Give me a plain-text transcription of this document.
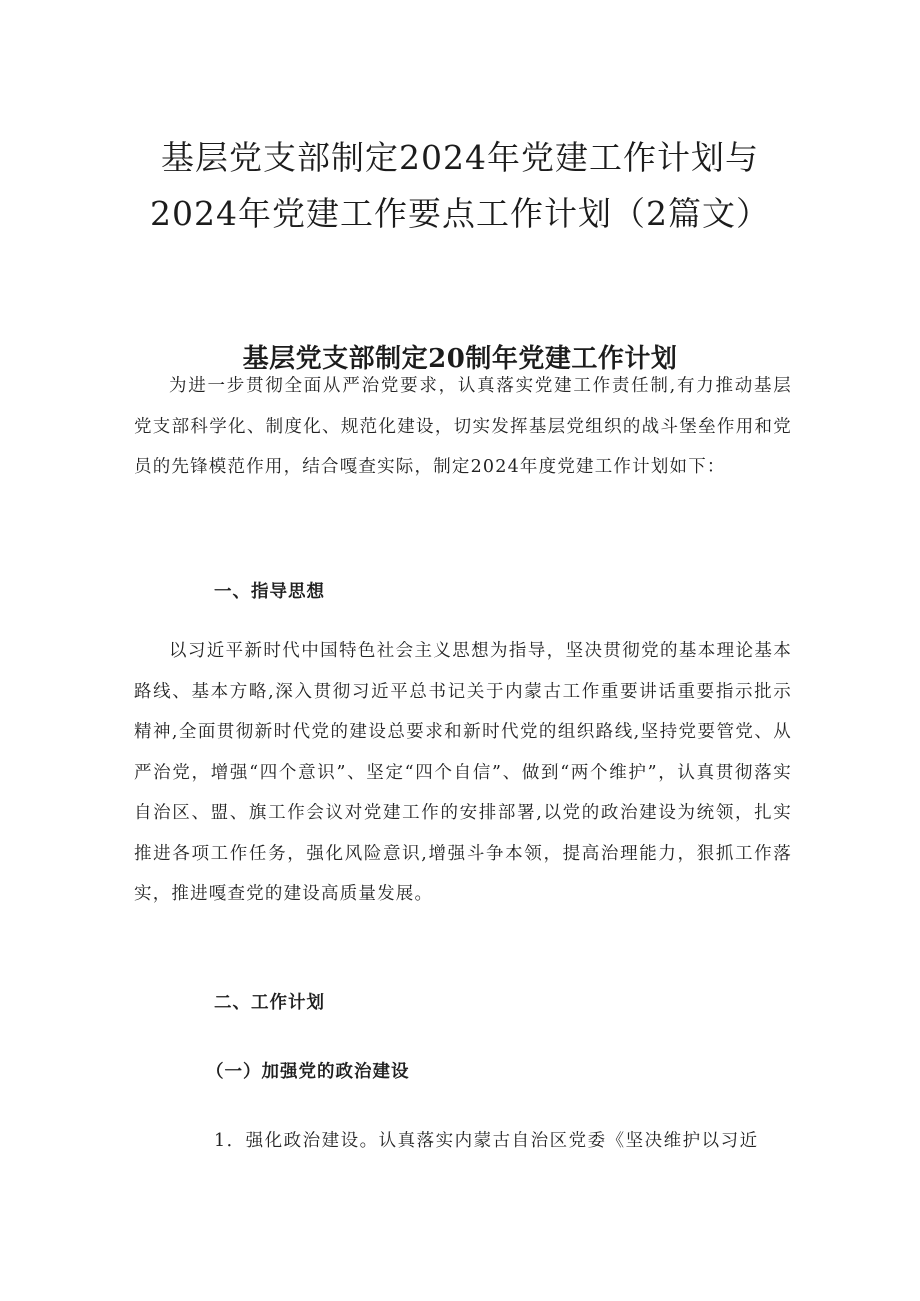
基层党支部制定2024年党建工作计划与
2024年党建工作要点工作计划（2篇文）
基层党支部制定20制年党建工作计划

为进一步贯彻全面从严治党要求，认真落实党建工作责任制,有力推动基层党支部科学化、制度化、规范化建设，切实发挥基层党组织的战斗堡垒作用和党员的先锋模范作用，结合嘎查实际，制定2024年度党建工作计划如下：

一、指导思想

以习近平新时代中国特色社会主义思想为指导，坚决贯彻党的基本理论基本路线、基本方略,深入贯彻习近平总书记关于内蒙古工作重要讲话重要指示批示精神,全面贯彻新时代党的建设总要求和新时代党的组织路线,坚持党要管党、从严治党，增强“四个意识”、坚定“四个自信”、做到“两个维护”，认真贯彻落实自治区、盟、旗工作会议对党建工作的安排部署,以党的政治建设为统领，扎实推进各项工作任务，强化风险意识,增强斗争本领，提高治理能力，狠抓工作落实，推进嘎查党的建设高质量发展。

二、工作计划
（一）加强党的政治建设
1．强化政治建设。认真落实内蒙古自治区党委《坚决维护以习近
